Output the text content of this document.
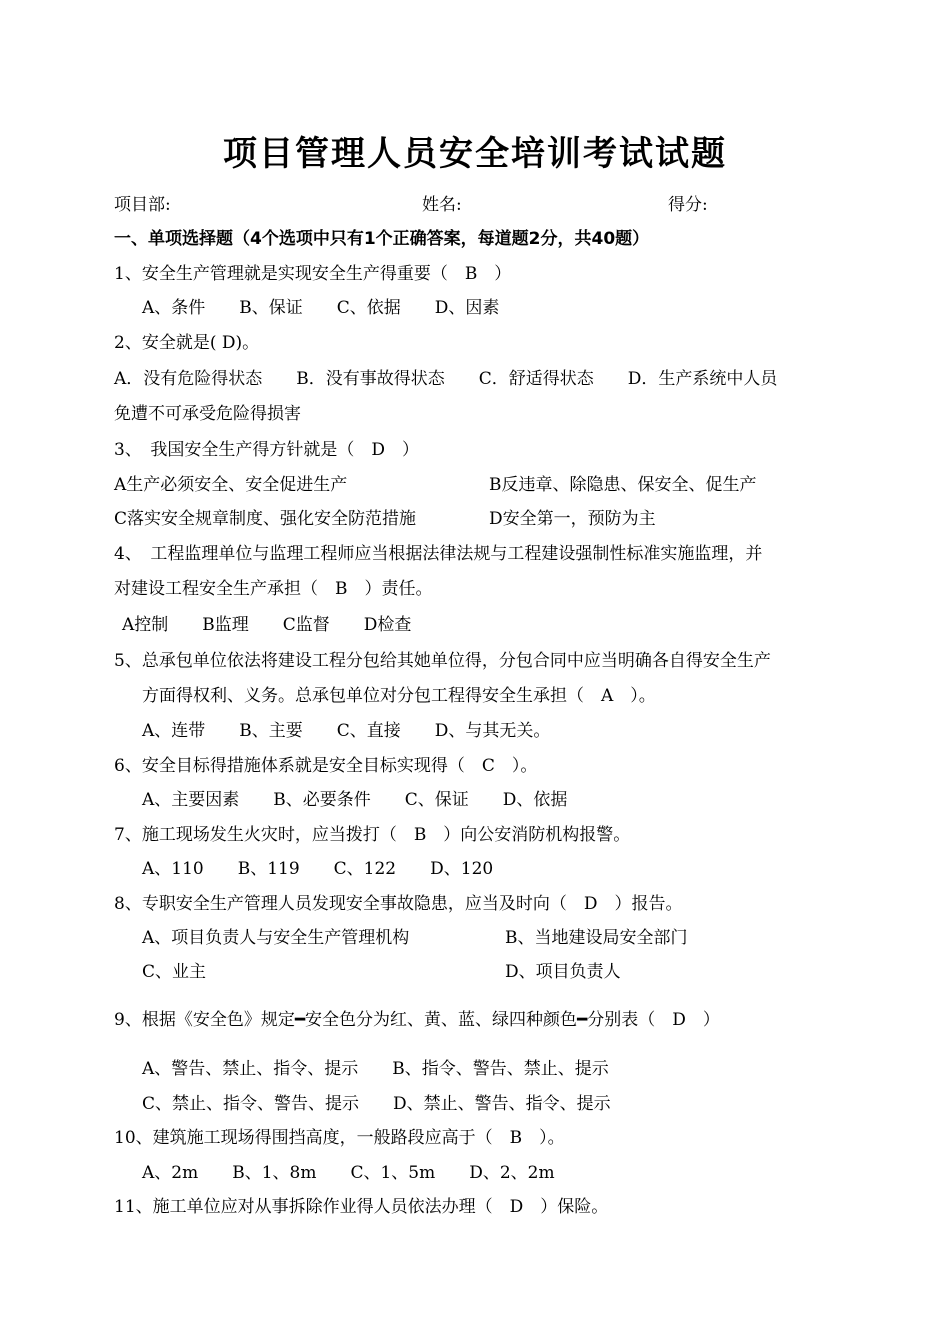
项目管理人员安全培训考试试题
项目部:	姓名:	得分:
一、单项选择题（4个选项中只有1个正确答案，每道题2分，共40题）
1、安全生产管理就是实现安全生产得重要（　B　）
A、条件　　B、保证　　C、依据　　D、因素
2、安全就是( D)。
A．没有危险得状态　　B．没有事故得状态　　C．舒适得状态　　D．生产系统中人员
免遭不可承受危险得损害
3、　我国安全生产得方针就是（　D　）
A生产必须安全、安全促进生产	B反违章、除隐患、保安全、促生产
C落实安全规章制度、强化安全防范措施	D安全第一，预防为主
4、　工程监理单位与监理工程师应当根据法律法规与工程建设强制性标准实施监理，并
对建设工程安全生产承担（　B　）责任。
A控制　　B监理　　C监督　　D检查
5、总承包单位依法将建设工程分包给其她单位得，分包合同中应当明确各自得安全生产
方面得权利、义务。总承包单位对分包工程得安全生承担（　A　）。
A、连带　　B、主要　　C、直接　　D、与其无关。
6、安全目标得措施体系就是安全目标实现得（　C　）。
A、主要因素　　B、必要条件　　C、保证　　D、依据
7、施工现场发生火灾时，应当拨打（　B　）向公安消防机构报警。
A、110　　B、119　　C、122　　D、120
8、专职安全生产管理人员发现安全事故隐患，应当及时向（　D　）报告。
A、项目负责人与安全生产管理机构	B、当地建设局安全部门
C、业主	D、项目负责人
9、根据《安全色》规定━安全色分为红、黄、蓝、绿四种颜色━分别表（　D　）
A、警告、禁止、指令、提示　　B、指令、警告、禁止、提示
C、禁止、指令、警告、提示　　D、禁止、警告、指令、提示
10、建筑施工现场得围挡高度，一般路段应高于（　B　）。
A、2m　　B、1、8m　　C、1、5m　　D、2、2m
11、施工单位应对从事拆除作业得人员依法办理（　D　）保险。
